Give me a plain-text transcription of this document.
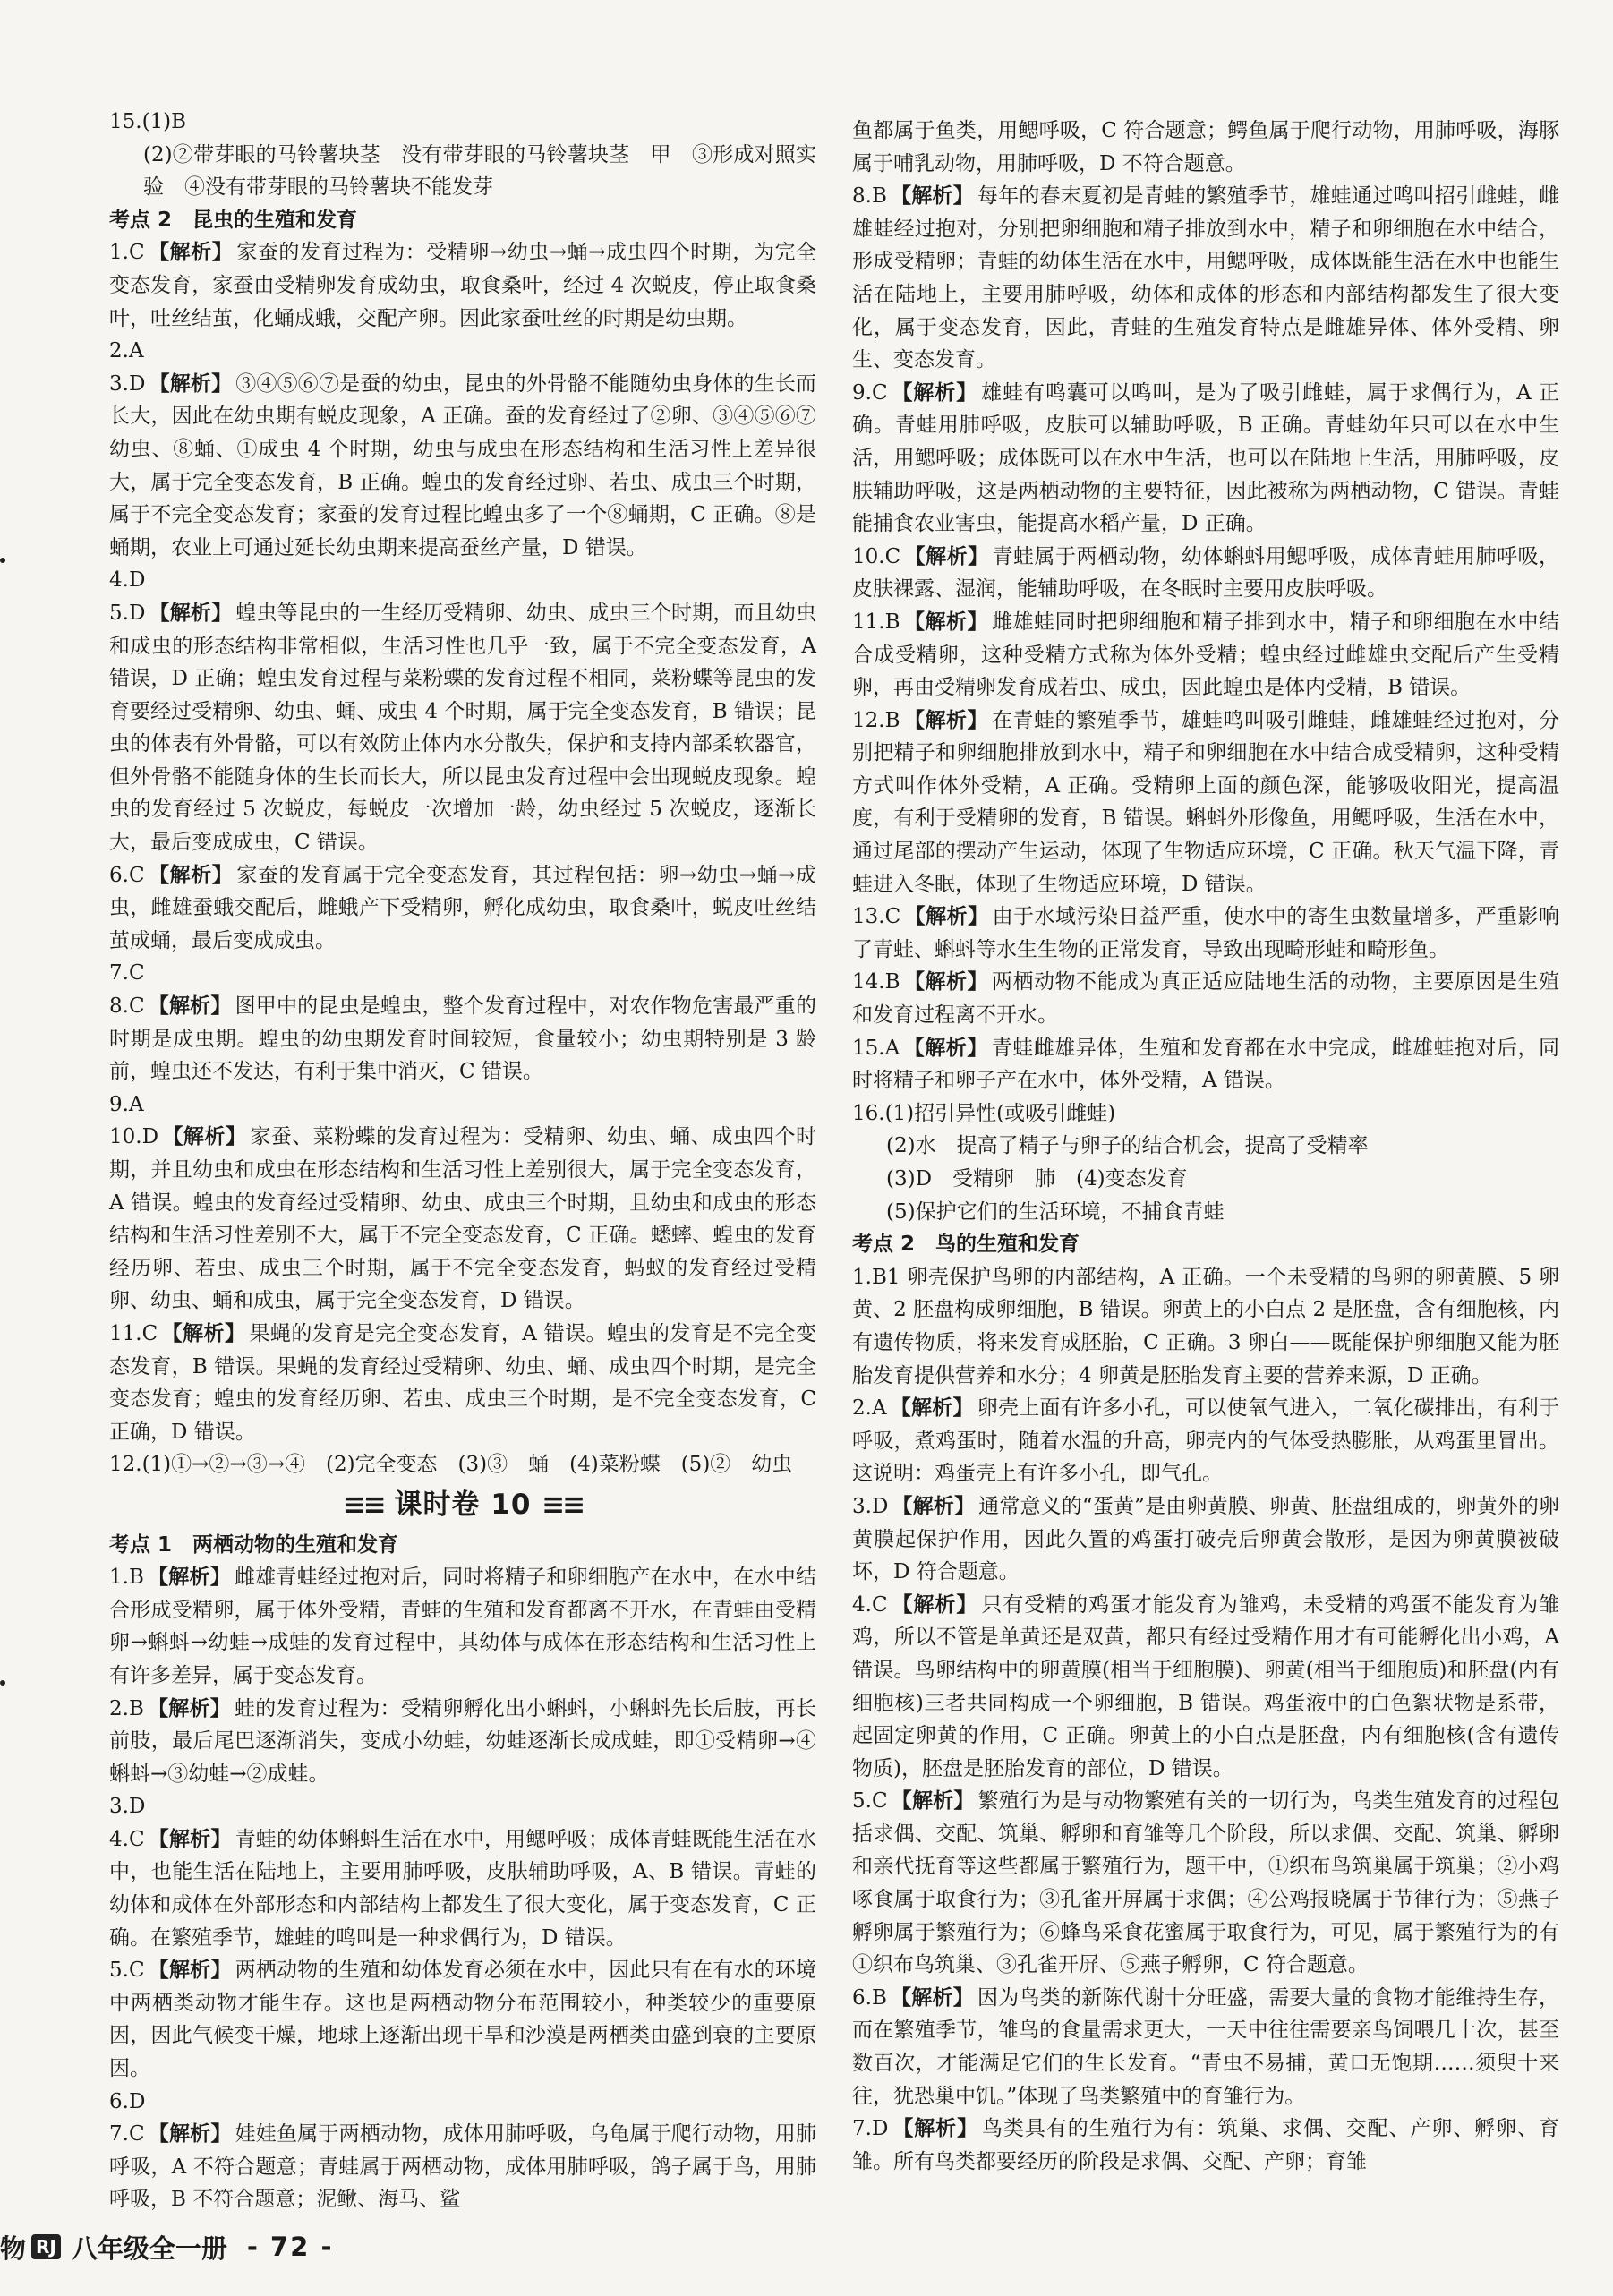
15.(1)B
(2)②带芽眼的马铃薯块茎　没有带芽眼的马铃薯块茎　甲　③形成对照实验　④没有带芽眼的马铃薯块不能发芽
考点 2　昆虫的生殖和发育
1.C 【解析】 家蚕的发育过程为：受精卵→幼虫→蛹→成虫四个时期，为完全变态发育，家蚕由受精卵发育成幼虫，取食桑叶，经过 4 次蜕皮，停止取食桑叶，吐丝结茧，化蛹成蛾，交配产卵。因此家蚕吐丝的时期是幼虫期。
2.A
3.D 【解析】 ③④⑤⑥⑦是蚕的幼虫，昆虫的外骨骼不能随幼虫身体的生长而长大，因此在幼虫期有蜕皮现象，A 正确。蚕的发育经过了②卵、③④⑤⑥⑦幼虫、⑧蛹、①成虫 4 个时期，幼虫与成虫在形态结构和生活习性上差异很大，属于完全变态发育，B 正确。蝗虫的发育经过卵、若虫、成虫三个时期，属于不完全变态发育；家蚕的发育过程比蝗虫多了一个⑧蛹期，C 正确。⑧是蛹期，农业上可通过延长幼虫期来提高蚕丝产量，D 错误。
4.D
5.D 【解析】 蝗虫等昆虫的一生经历受精卵、幼虫、成虫三个时期，而且幼虫和成虫的形态结构非常相似，生活习性也几乎一致，属于不完全变态发育，A 错误，D 正确；蝗虫发育过程与菜粉蝶的发育过程不相同，菜粉蝶等昆虫的发育要经过受精卵、幼虫、蛹、成虫 4 个时期，属于完全变态发育，B 错误；昆虫的体表有外骨骼，可以有效防止体内水分散失，保护和支持内部柔软器官，但外骨骼不能随身体的生长而长大，所以昆虫发育过程中会出现蜕皮现象。蝗虫的发育经过 5 次蜕皮，每蜕皮一次增加一龄，幼虫经过 5 次蜕皮，逐渐长大，最后变成成虫，C 错误。
6.C 【解析】 家蚕的发育属于完全变态发育，其过程包括：卵→幼虫→蛹→成虫，雌雄蚕蛾交配后，雌蛾产下受精卵，孵化成幼虫，取食桑叶，蜕皮吐丝结茧成蛹，最后变成成虫。
7.C
8.C 【解析】 图甲中的昆虫是蝗虫，整个发育过程中，对农作物危害最严重的时期是成虫期。蝗虫的幼虫期发育时间较短，食量较小；幼虫期特别是 3 龄前，蝗虫还不发达，有利于集中消灭，C 错误。
9.A
10.D 【解析】 家蚕、菜粉蝶的发育过程为：受精卵、幼虫、蛹、成虫四个时期，并且幼虫和成虫在形态结构和生活习性上差别很大，属于完全变态发育，A 错误。蝗虫的发育经过受精卵、幼虫、成虫三个时期，且幼虫和成虫的形态结构和生活习性差别不大，属于不完全变态发育，C 正确。蟋蟀、蝗虫的发育经历卵、若虫、成虫三个时期，属于不完全变态发育，蚂蚁的发育经过受精卵、幼虫、蛹和成虫，属于完全变态发育，D 错误。
11.C 【解析】 果蝇的发育是完全变态发育，A 错误。蝗虫的发育是不完全变态发育，B 错误。果蝇的发育经过受精卵、幼虫、蛹、成虫四个时期，是完全变态发育；蝗虫的发育经历卵、若虫、成虫三个时期，是不完全变态发育，C 正确，D 错误。
12.(1)①→②→③→④　(2)完全变态　(3)③　蛹　(4)菜粉蝶　(5)②　幼虫
≡≡ 课时卷 10 ≡≡
考点 1　两栖动物的生殖和发育
1.B 【解析】 雌雄青蛙经过抱对后，同时将精子和卵细胞产在水中，在水中结合形成受精卵，属于体外受精，青蛙的生殖和发育都离不开水，在青蛙由受精卵→蝌蚪→幼蛙→成蛙的发育过程中，其幼体与成体在形态结构和生活习性上有许多差异，属于变态发育。
2.B 【解析】 蛙的发育过程为：受精卵孵化出小蝌蚪，小蝌蚪先长后肢，再长前肢，最后尾巴逐渐消失，变成小幼蛙，幼蛙逐渐长成成蛙，即①受精卵→④蝌蚪→③幼蛙→②成蛙。
3.D
4.C 【解析】 青蛙的幼体蝌蚪生活在水中，用鳃呼吸；成体青蛙既能生活在水中，也能生活在陆地上，主要用肺呼吸，皮肤辅助呼吸，A、B 错误。青蛙的幼体和成体在外部形态和内部结构上都发生了很大变化，属于变态发育，C 正确。在繁殖季节，雄蛙的鸣叫是一种求偶行为，D 错误。
5.C 【解析】 两栖动物的生殖和幼体发育必须在水中，因此只有在有水的环境中两栖类动物才能生存。这也是两栖动物分布范围较小，种类较少的重要原因，因此气候变干燥，地球上逐渐出现干旱和沙漠是两栖类由盛到衰的主要原因。
6.D
7.C 【解析】 娃娃鱼属于两栖动物，成体用肺呼吸，乌龟属于爬行动物，用肺呼吸，A 不符合题意；青蛙属于两栖动物，成体用肺呼吸，鸽子属于鸟，用肺呼吸，B 不符合题意；泥鳅、海马、鲨
鱼都属于鱼类，用鳃呼吸，C 符合题意；鳄鱼属于爬行动物，用肺呼吸，海豚属于哺乳动物，用肺呼吸，D 不符合题意。
8.B 【解析】 每年的春末夏初是青蛙的繁殖季节，雄蛙通过鸣叫招引雌蛙，雌雄蛙经过抱对，分别把卵细胞和精子排放到水中，精子和卵细胞在水中结合，形成受精卵；青蛙的幼体生活在水中，用鳃呼吸，成体既能生活在水中也能生活在陆地上，主要用肺呼吸，幼体和成体的形态和内部结构都发生了很大变化，属于变态发育，因此，青蛙的生殖发育特点是雌雄异体、体外受精、卵生、变态发育。
9.C 【解析】 雄蛙有鸣囊可以鸣叫，是为了吸引雌蛙，属于求偶行为，A 正确。青蛙用肺呼吸，皮肤可以辅助呼吸，B 正确。青蛙幼年只可以在水中生活，用鳃呼吸；成体既可以在水中生活，也可以在陆地上生活，用肺呼吸，皮肤辅助呼吸，这是两栖动物的主要特征，因此被称为两栖动物，C 错误。青蛙能捕食农业害虫，能提高水稻产量，D 正确。
10.C 【解析】 青蛙属于两栖动物，幼体蝌蚪用鳃呼吸，成体青蛙用肺呼吸，皮肤裸露、湿润，能辅助呼吸，在冬眠时主要用皮肤呼吸。
11.B 【解析】 雌雄蛙同时把卵细胞和精子排到水中，精子和卵细胞在水中结合成受精卵，这种受精方式称为体外受精；蝗虫经过雌雄虫交配后产生受精卵，再由受精卵发育成若虫、成虫，因此蝗虫是体内受精，B 错误。
12.B 【解析】 在青蛙的繁殖季节，雄蛙鸣叫吸引雌蛙，雌雄蛙经过抱对，分别把精子和卵细胞排放到水中，精子和卵细胞在水中结合成受精卵，这种受精方式叫作体外受精，A 正确。受精卵上面的颜色深，能够吸收阳光，提高温度，有利于受精卵的发育，B 错误。蝌蚪外形像鱼，用鳃呼吸，生活在水中，通过尾部的摆动产生运动，体现了生物适应环境，C 正确。秋天气温下降，青蛙进入冬眠，体现了生物适应环境，D 错误。
13.C 【解析】 由于水域污染日益严重，使水中的寄生虫数量增多，严重影响了青蛙、蝌蚪等水生生物的正常发育，导致出现畸形蛙和畸形鱼。
14.B 【解析】 两栖动物不能成为真正适应陆地生活的动物，主要原因是生殖和发育过程离不开水。
15.A 【解析】 青蛙雌雄异体，生殖和发育都在水中完成，雌雄蛙抱对后，同时将精子和卵子产在水中，体外受精，A 错误。
16.(1)招引异性(或吸引雌蛙)
(2)水　提高了精子与卵子的结合机会，提高了受精率
(3)D　受精卵　肺　(4)变态发育
(5)保护它们的生活环境，不捕食青蛙
考点 2　鸟的生殖和发育
1.B1 卵壳保护鸟卵的内部结构，A 正确。一个未受精的鸟卵的卵黄膜、5 卵黄、2 胚盘构成卵细胞，B 错误。卵黄上的小白点 2 是胚盘，含有细胞核，内有遗传物质，将来发育成胚胎，C 正确。3 卵白——既能保护卵细胞又能为胚胎发育提供营养和水分；4 卵黄是胚胎发育主要的营养来源，D 正确。
2.A 【解析】 卵壳上面有许多小孔，可以使氧气进入，二氧化碳排出，有利于呼吸，煮鸡蛋时，随着水温的升高，卵壳内的气体受热膨胀，从鸡蛋里冒出。这说明：鸡蛋壳上有许多小孔，即气孔。
3.D 【解析】 通常意义的“蛋黄”是由卵黄膜、卵黄、胚盘组成的，卵黄外的卵黄膜起保护作用，因此久置的鸡蛋打破壳后卵黄会散形，是因为卵黄膜被破坏，D 符合题意。
4.C 【解析】 只有受精的鸡蛋才能发育为雏鸡，未受精的鸡蛋不能发育为雏鸡，所以不管是单黄还是双黄，都只有经过受精作用才有可能孵化出小鸡，A 错误。鸟卵结构中的卵黄膜(相当于细胞膜)、卵黄(相当于细胞质)和胚盘(内有细胞核)三者共同构成一个卵细胞，B 错误。鸡蛋液中的白色絮状物是系带，起固定卵黄的作用，C 正确。卵黄上的小白点是胚盘，内有细胞核(含有遗传物质)，胚盘是胚胎发育的部位，D 错误。
5.C 【解析】 繁殖行为是与动物繁殖有关的一切行为，鸟类生殖发育的过程包括求偶、交配、筑巢、孵卵和育雏等几个阶段，所以求偶、交配、筑巢、孵卵和亲代抚育等这些都属于繁殖行为，题干中，①织布鸟筑巢属于筑巢；②小鸡啄食属于取食行为；③孔雀开屏属于求偶；④公鸡报晓属于节律行为；⑤燕子孵卵属于繁殖行为；⑥蜂鸟采食花蜜属于取食行为，可见，属于繁殖行为的有①织布鸟筑巢、③孔雀开屏、⑤燕子孵卵，C 符合题意。
6.B 【解析】 因为鸟类的新陈代谢十分旺盛，需要大量的食物才能维持生存，而在繁殖季节，雏鸟的食量需求更大，一天中往往需要亲鸟饲喂几十次，甚至数百次，才能满足它们的生长发育。“青虫不易捕，黄口无饱期……须臾十来往，犹恐巢中饥。”体现了鸟类繁殖中的育雏行为。
7.D 【解析】 鸟类具有的生殖行为有：筑巢、求偶、交配、产卵、孵卵、育雏。所有鸟类都要经历的阶段是求偶、交配、产卵；育雏
物 RJ 八年级全一册 - 72 -
